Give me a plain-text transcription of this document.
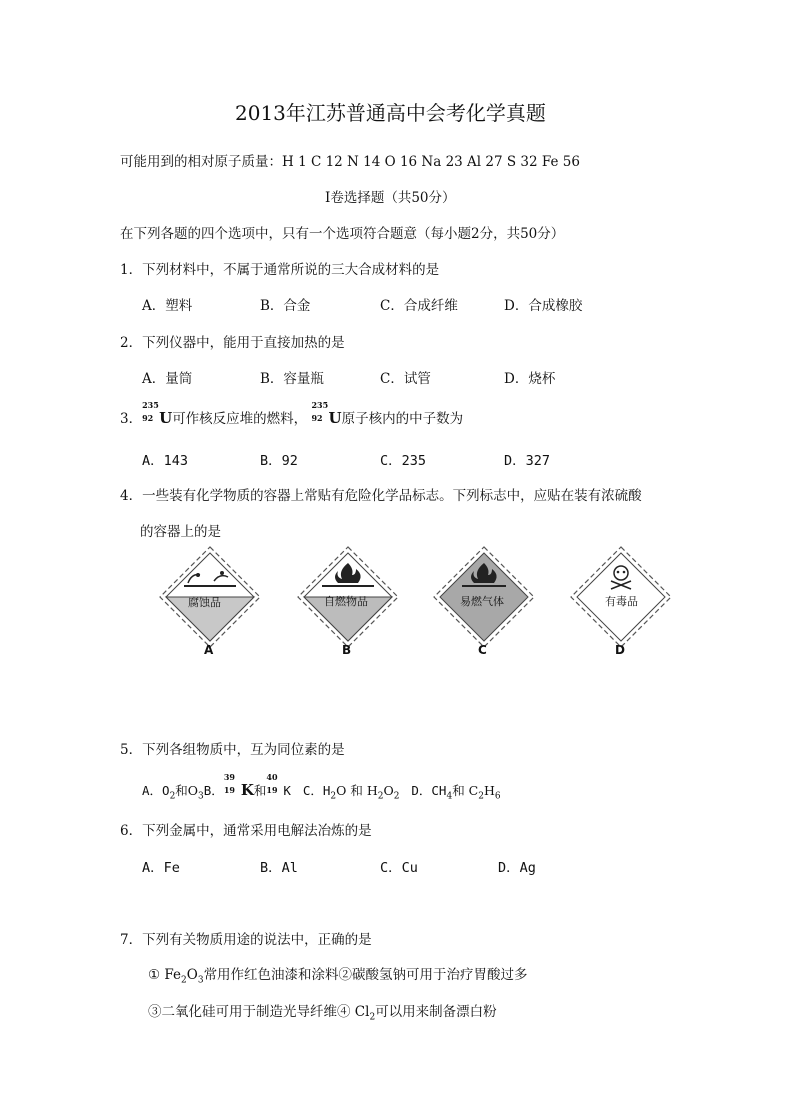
2013年江苏普通高中会考化学真题
可能用到的相对原子质量：H 1 C 12 N 14 O 16 Na 23 Al 27 S 32 Fe 56
Ⅰ卷选择题（共50分）
在下列各题的四个选项中，只有一个选项符合题意（每小题2分，共50分）
1．下列材料中，不属于通常所说的三大合成材料的是
A．塑料	B．合金	C．合成纤维	D．合成橡胶
2．下列仪器中，能用于直接加热的是
A．量筒	B．容量瓶	C．试管	D．烧杯
3．
235
92 U可作核反应堆的燃料，
235
92 U原子核内的中子数为
A．143	B．92	C．235	D．327
4．一些装有化学物质的容器上常贴有危险化学品标志。下列标志中，应贴在装有浓硫酸
的容器上的是
腐蚀品
A
自燃物品
B
易燃气体
C
有毒品
D
5．下列各组物质中，互为同位素的是
A．$O_2$和$O_3B$．
39
19 K和
40
19 K C．$H_2O$ 和 $H_2O_2$ D．$CH_4$和 $C_2H_6$
6．下列金属中，通常采用电解法冶炼的是
A．Fe	B．Al	C．Cu	D．Ag
7．下列有关物质用途的说法中，正确的是
① $Fe_2O_3$常用作红色油漆和涂料②碳酸氢钠可用于治疗胃酸过多
③二氧化硅可用于制造光导纤维④ $Cl_2$可以用来制备漂白粉
